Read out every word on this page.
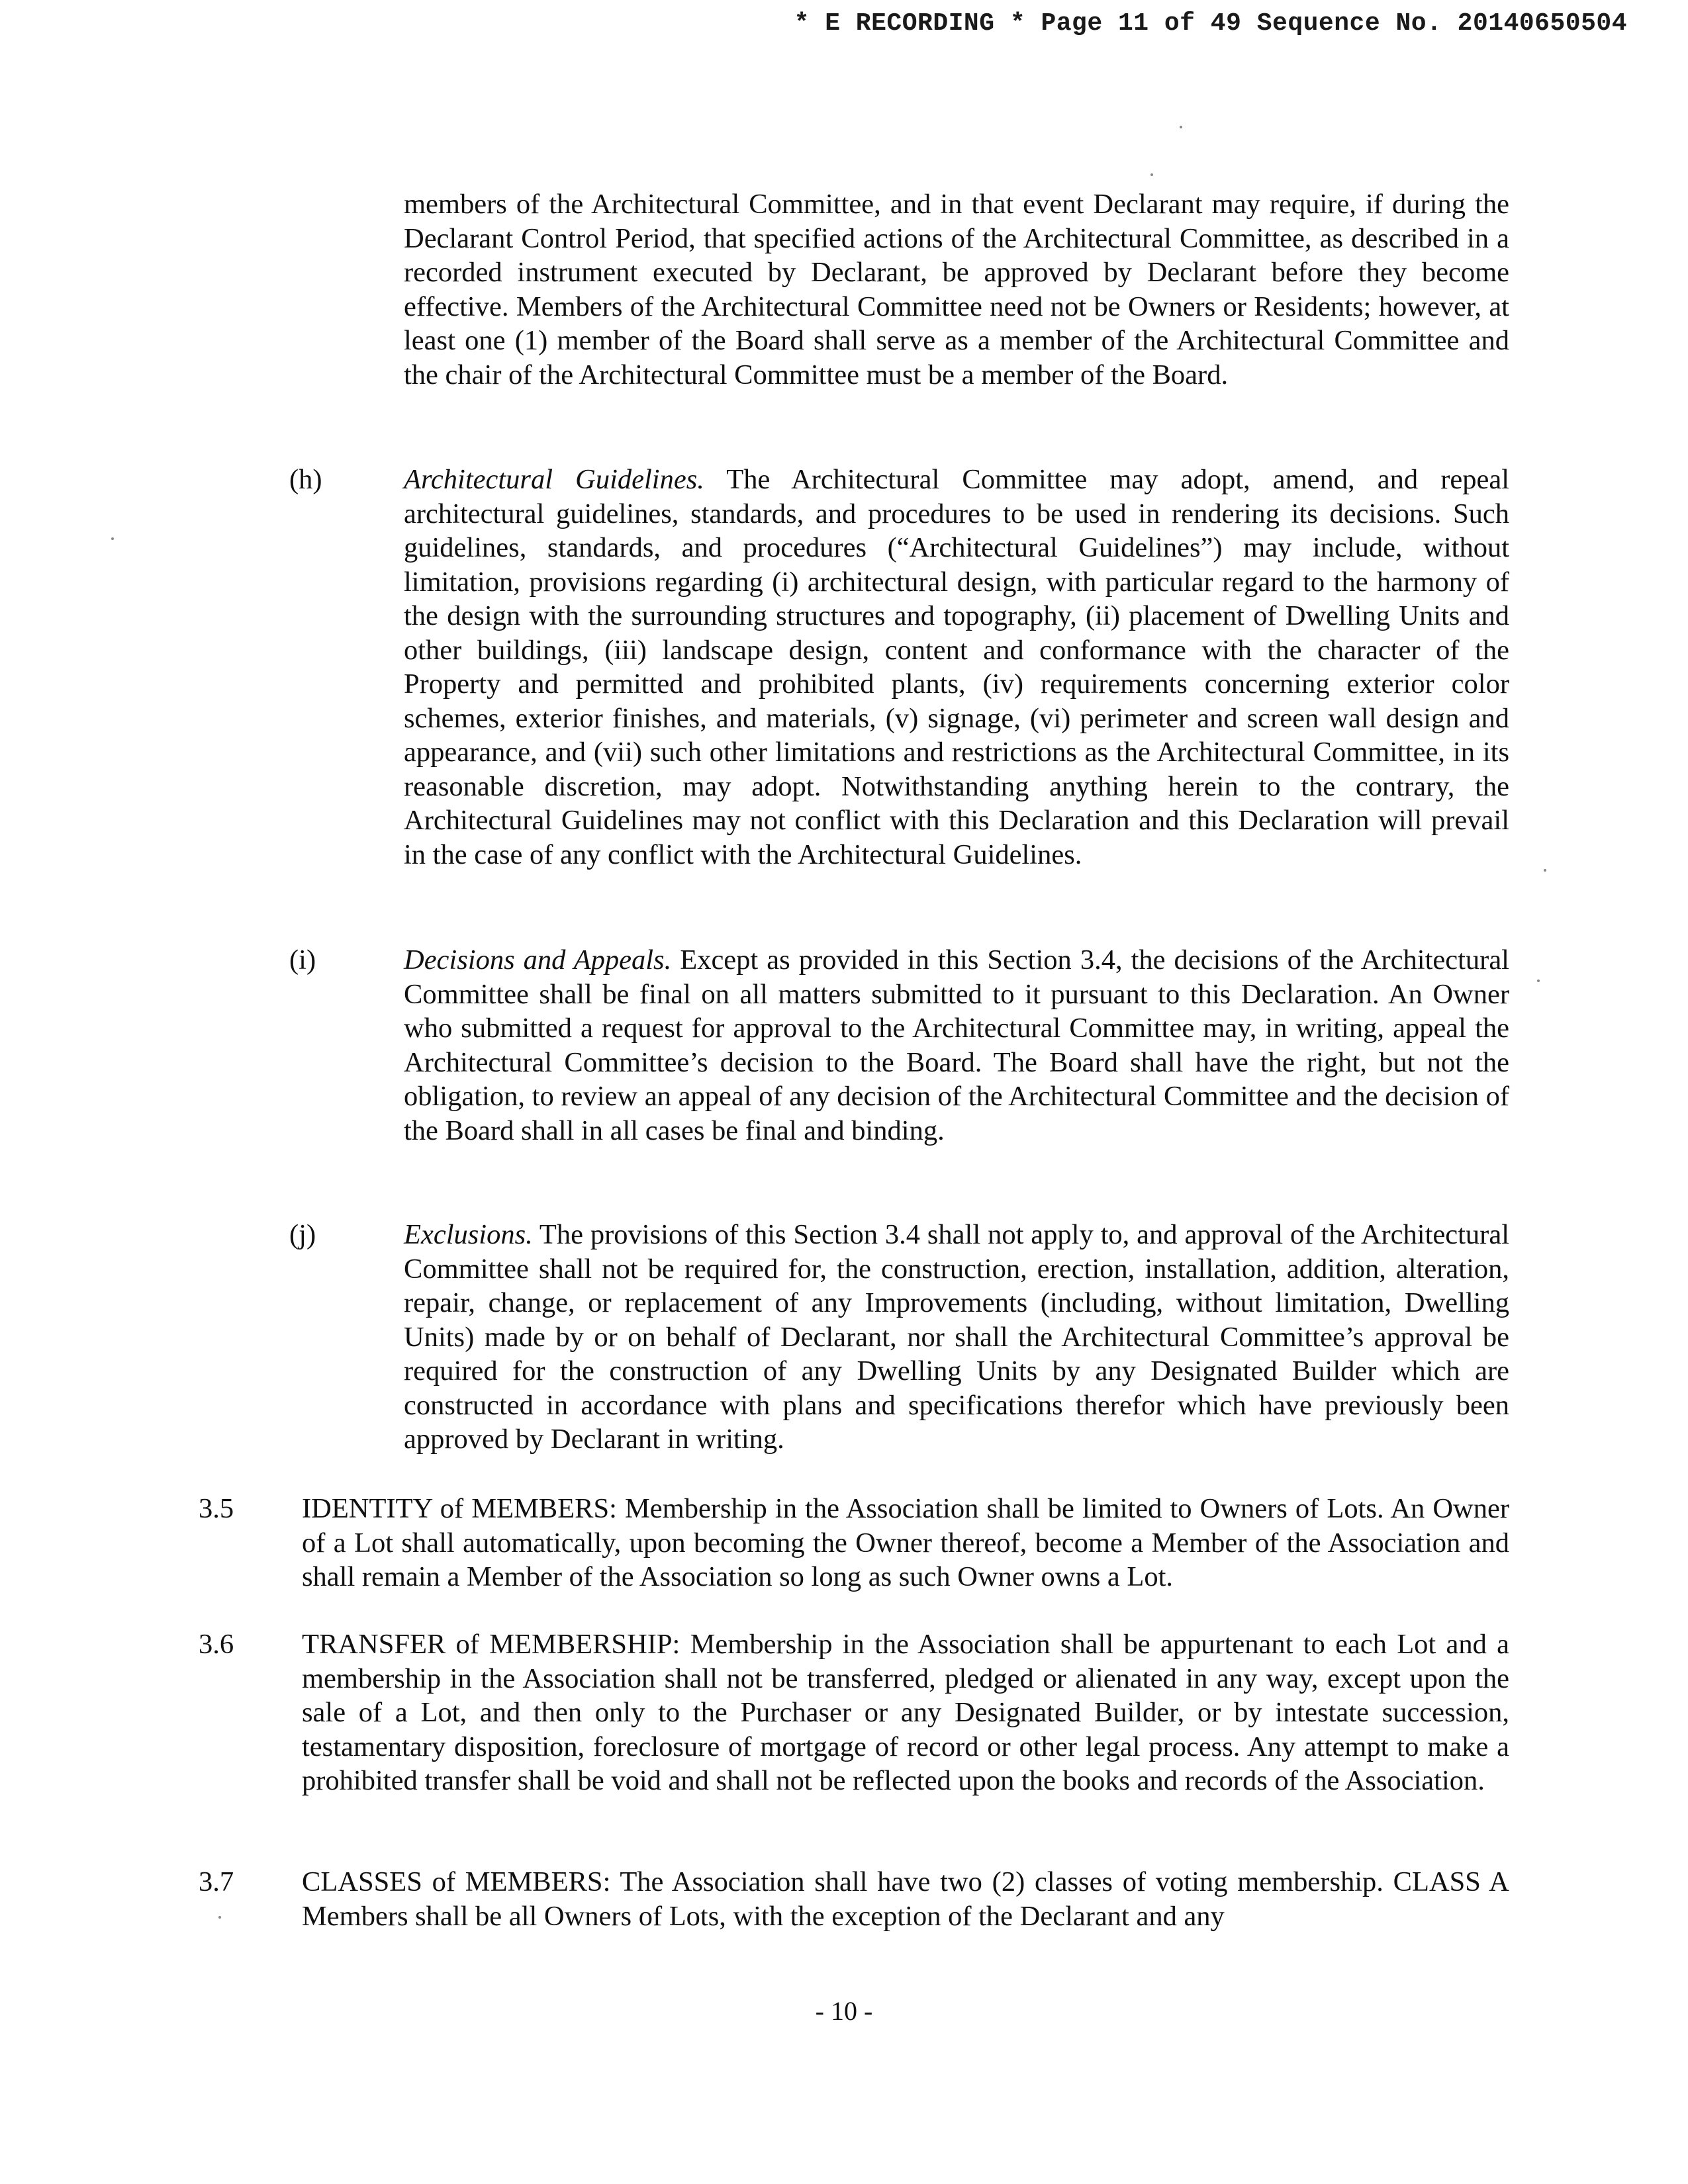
* E RECORDING * Page 11 of 49 Sequence No. 20140650504
members of the Architectural Committee, and in that event Declarant may require, if during the Declarant Control Period, that specified actions of the Architectural Committee, as described in a recorded instrument executed by Declarant, be approved by Declarant before they become effective. Members of the Architectural Committee need not be Owners or Residents; however, at least one (1) member of the Board shall serve as a member of the Architectural Committee and the chair of the Architectural Committee must be a member of the Board.
(h)	Architectural Guidelines. The Architectural Committee may adopt, amend, and repeal architectural guidelines, standards, and procedures to be used in rendering its decisions. Such guidelines, standards, and procedures (“Architectural Guidelines”) may include, without limitation, provisions regarding (i) architectural design, with particular regard to the harmony of the design with the surrounding structures and topography, (ii) placement of Dwelling Units and other buildings, (iii) landscape design, content and conformance with the character of the Property and permitted and prohibited plants, (iv) requirements concerning exterior color schemes, exterior finishes, and materials, (v) signage, (vi) perimeter and screen wall design and appearance, and (vii) such other limitations and restrictions as the Architectural Committee, in its reasonable discretion, may adopt. Notwithstanding anything herein to the contrary, the Architectural Guidelines may not conflict with this Declaration and this Declaration will prevail in the case of any conflict with the Architectural Guidelines.
(i)	Decisions and Appeals. Except as provided in this Section 3.4, the decisions of the Architectural Committee shall be final on all matters submitted to it pursuant to this Declaration. An Owner who submitted a request for approval to the Architectural Committee may, in writing, appeal the Architectural Committee’s decision to the Board. The Board shall have the right, but not the obligation, to review an appeal of any decision of the Architectural Committee and the decision of the Board shall in all cases be final and binding.
(j)	Exclusions. The provisions of this Section 3.4 shall not apply to, and approval of the Architectural Committee shall not be required for, the construction, erection, installation, addition, alteration, repair, change, or replacement of any Improvements (including, without limitation, Dwelling Units) made by or on behalf of Declarant, nor shall the Architectural Committee’s approval be required for the construction of any Dwelling Units by any Designated Builder which are constructed in accordance with plans and specifications therefor which have previously been approved by Declarant in writing.
3.5 IDENTITY of MEMBERS: Membership in the Association shall be limited to Owners of Lots. An Owner of a Lot shall automatically, upon becoming the Owner thereof, become a Member of the Association and shall remain a Member of the Association so long as such Owner owns a Lot.
3.6 TRANSFER of MEMBERSHIP: Membership in the Association shall be appurtenant to each Lot and a membership in the Association shall not be transferred, pledged or alienated in any way, except upon the sale of a Lot, and then only to the Purchaser or any Designated Builder, or by intestate succession, testamentary disposition, foreclosure of mortgage of record or other legal process. Any attempt to make a prohibited transfer shall be void and shall not be reflected upon the books and records of the Association.
3.7 CLASSES of MEMBERS: The Association shall have two (2) classes of voting membership. CLASS A Members shall be all Owners of Lots, with the exception of the Declarant and any
- 10 -
